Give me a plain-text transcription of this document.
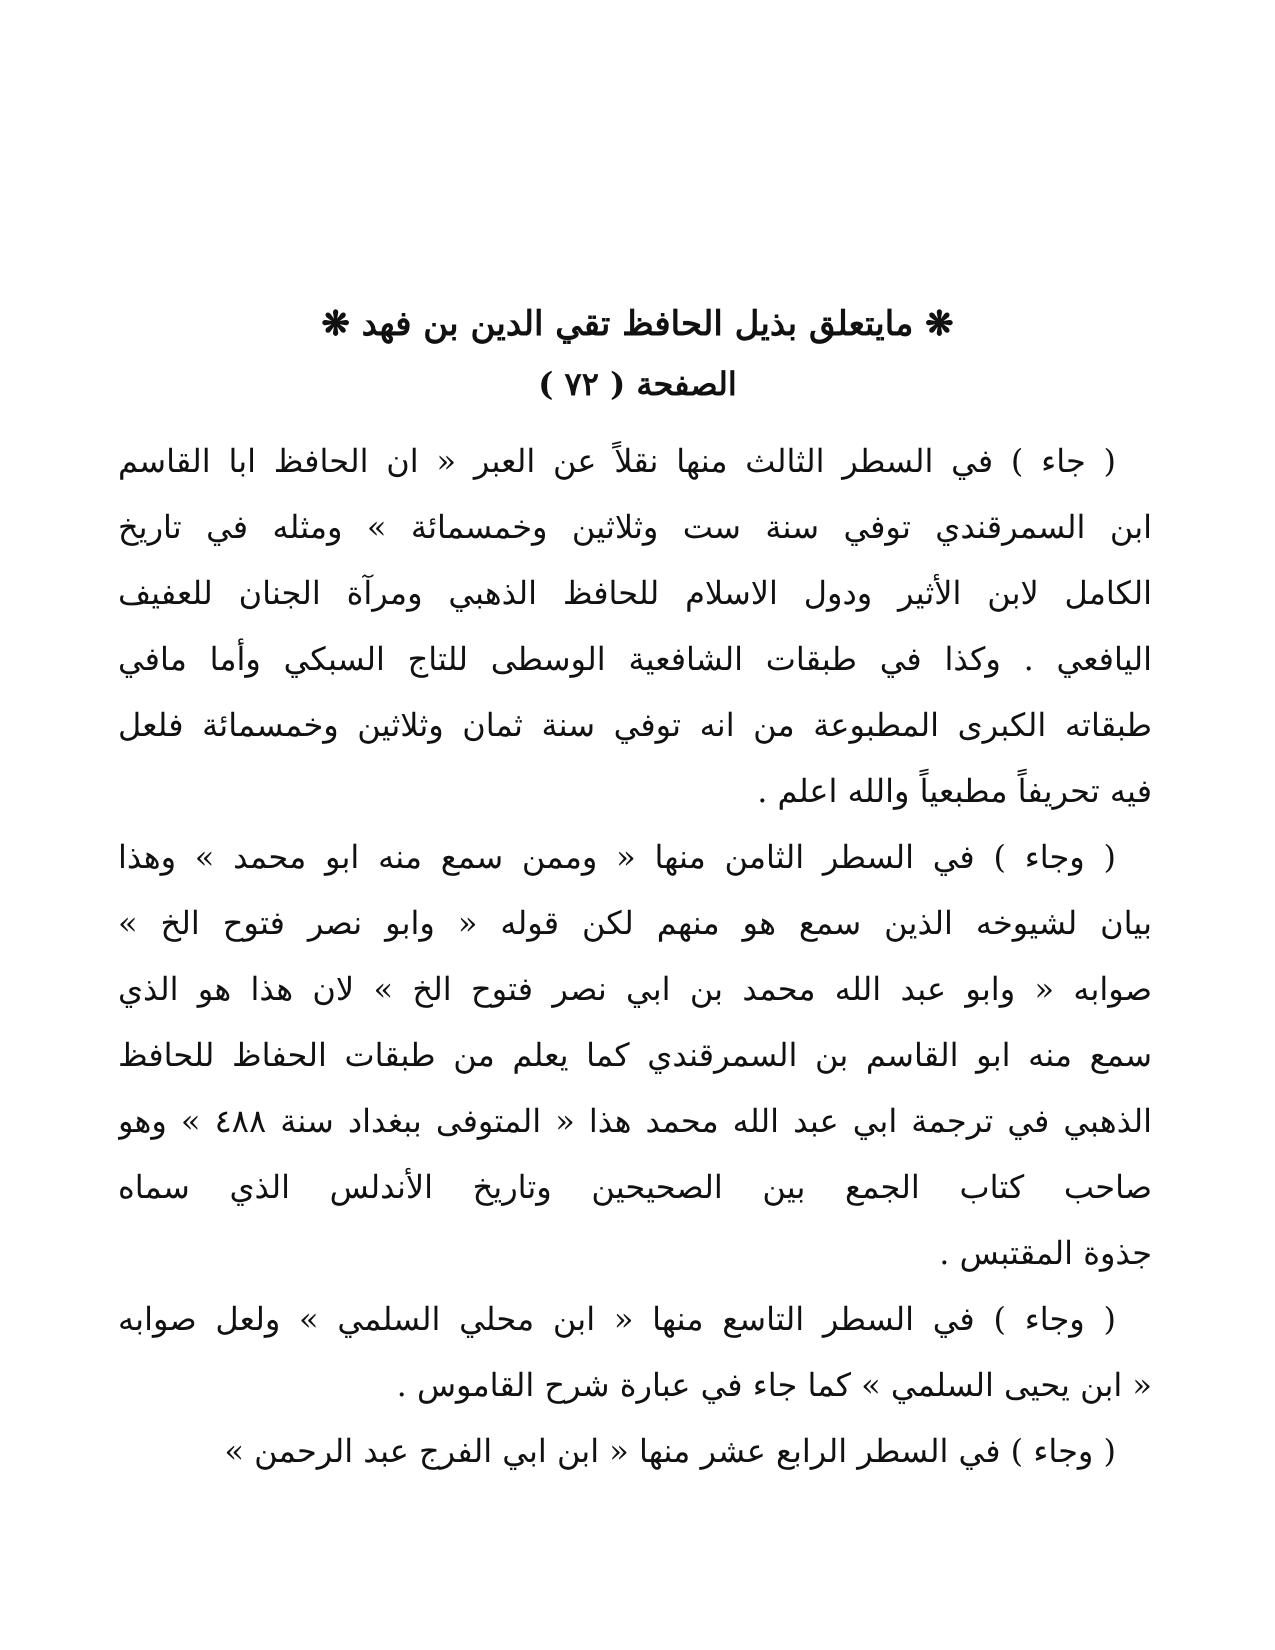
❋ مايتعلق بذيل الحافظ تقي الدين بن فهد ❋
الصفحة ( ٧٢ )
( جاء ) في السطر الثالث منها نقلاً عن العبر « ان الحافظ ابا القاسم
ابن السمرقندي توفي سنة ست وثلاثين وخمسمائة » ومثله في تاريخ
الكامل لابن الأثير ودول الاسلام للحافظ الذهبي ومرآة الجنان للعفيف
اليافعي . وكذا في طبقات الشافعية الوسطى للتاج السبكي وأما مافي
طبقاته الكبرى المطبوعة من انه توفي سنة ثمان وثلاثين وخمسمائة فلعل
فيه تحريفاً مطبعياً والله اعلم .
( وجاء ) في السطر الثامن منها « وممن سمع منه ابو محمد » وهذا
بيان لشيوخه الذين سمع هو منهم لكن قوله « وابو نصر فتوح الخ »
صوابه « وابو عبد الله محمد بن ابي نصر فتوح الخ » لان هذا هو الذي
سمع منه ابو القاسم بن السمرقندي كما يعلم من طبقات الحفاظ للحافظ
الذهبي في ترجمة ابي عبد الله محمد هذا « المتوفى ببغداد سنة ٤٨٨ » وهو
صاحب كتاب الجمع بين الصحيحين وتاريخ الأندلس الذي سماه
جذوة المقتبس .
( وجاء ) في السطر التاسع منها « ابن محلي السلمي » ولعل صوابه
« ابن يحيى السلمي » كما جاء في عبارة شرح القاموس .
( وجاء ) في السطر الرابع عشر منها « ابن ابي الفرج عبد الرحمن »
